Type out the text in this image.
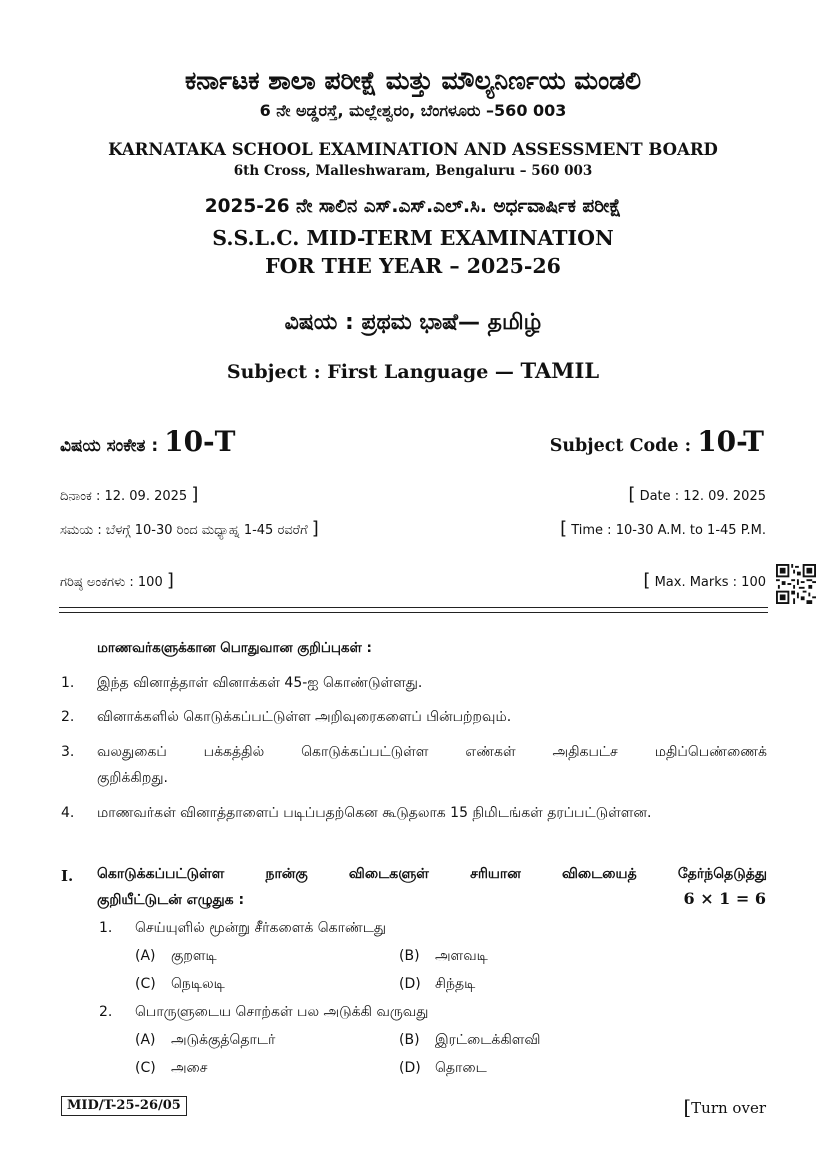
ಕರ್ನಾಟಕ ಶಾಲಾ ಪರೀಕ್ಷೆ ಮತ್ತು ಮೌಲ್ಯನಿರ್ಣಯ ಮಂಡಲಿ
6 ನೇ ಅಡ್ಡರಸ್ತೆ, ಮಲ್ಲೇಶ್ವರಂ, ಬೆಂಗಳೂರು –560 003
KARNATAKA SCHOOL EXAMINATION AND ASSESSMENT BOARD
6th Cross, Malleshwaram, Bengaluru – 560 003
2025-26 ನೇ ಸಾಲಿನ ಎಸ್.ಎಸ್.ಎಲ್.ಸಿ. ಅರ್ಧವಾರ್ಷಿಕ ಪರೀಕ್ಷೆ
S.S.L.C. MID-TERM EXAMINATION
FOR THE YEAR – 2025-26
ವಿಷಯ : ಪ್ರಥಮ ಭಾಷೆ— தமிழ்
Subject : First Language — TAMIL
ವಿಷಯ ಸಂಕೇತ : 10-T	Subject Code : 10-T
ದಿನಾಂಕ : 12. 09. 2025 ]	[ Date : 12. 09. 2025
ಸಮಯ : ಬೆಳಗ್ಗೆ 10-30 ರಿಂದ ಮಧ್ಯಾಹ್ನ 1-45 ರವರೆಗೆ ]	[ Time : 10-30 A.M. to 1-45 P.M.
ಗರಿಷ್ಠ ಅಂಕಗಳು : 100 ]	[ Max. Marks : 100
மாணவர்களுக்கான பொதுவான குறிப்புகள் :
1. இந்த வினாத்தாள் வினாக்கள் 45-ஐ கொண்டுள்ளது.
2. வினாக்களில் கொடுக்கப்பட்டுள்ள அறிவுரைகளைப் பின்பற்றவும்.
3. வலதுகைப் பக்கத்தில் கொடுக்கப்பட்டுள்ள எண்கள் அதிகபட்ச மதிப்பெண்ணைக்
குறிக்கிறது.
4. மாணவர்கள் வினாத்தாளைப் படிப்பதற்கென கூடுதலாக 15 நிமிடங்கள் தரப்பட்டுள்ளன.
I. கொடுக்கப்பட்டுள்ள நான்கு விடைகளுள் சரியான விடையைத் தேர்ந்தெடுத்து
குறியீட்டுடன் எழுதுக :	6 × 1 = 6
1. செய்யுளில் மூன்று சீர்களைக் கொண்டது
(A) குறளடி	(B) அளவடி
(C) நெடிலடி	(D) சிந்தடி
2. பொருளுடைய சொற்கள் பல அடுக்கி வருவது
(A) அடுக்குத்தொடர்	(B) இரட்டைக்கிளவி
(C) அசை	(D) தொடை
MID/T-25-26/05	[Turn over
